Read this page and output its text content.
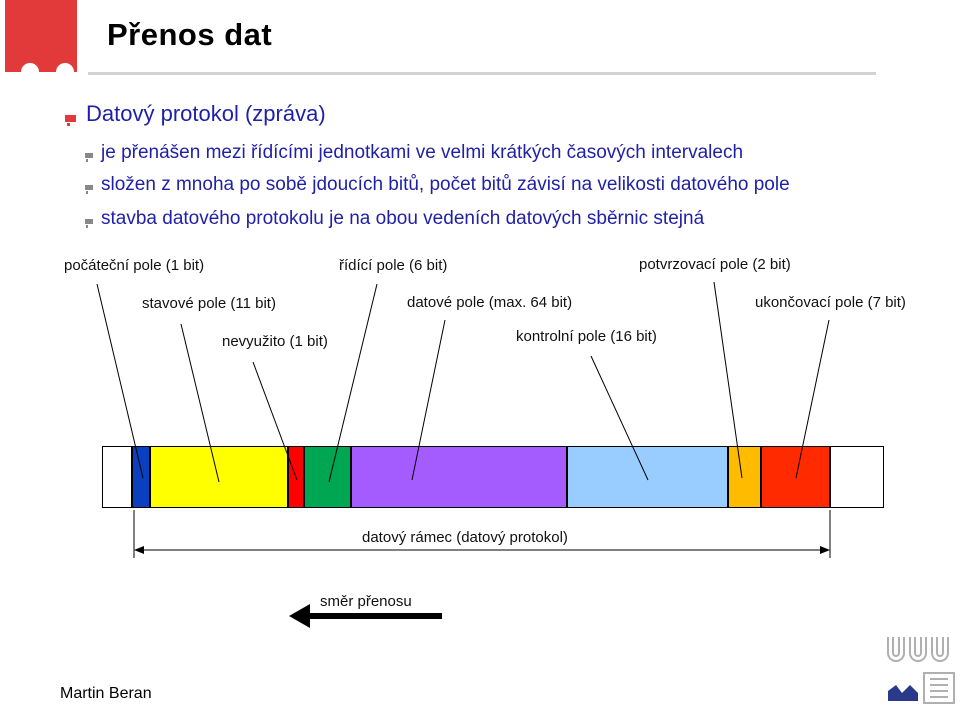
Přenos dat
Datový protokol (zpráva)
je přenášen mezi řídícími jednotkami ve velmi krátkých časových intervalech
složen z mnoha po sobě jdoucích bitů, počet bitů závisí na velikosti datového pole
stavba datového protokolu je na obou vedeních datových sběrnic stejná
počáteční pole (1 bit)
stavové pole (11 bit)
nevyužito (1 bit)
řídící pole (6 bit)
datové pole (max. 64 bit)
kontrolní pole (16 bit)
potvrzovací pole (2 bit)
ukončovací pole (7 bit)
datový rámec (datový protokol)
směr přenosu
Martin Beran
